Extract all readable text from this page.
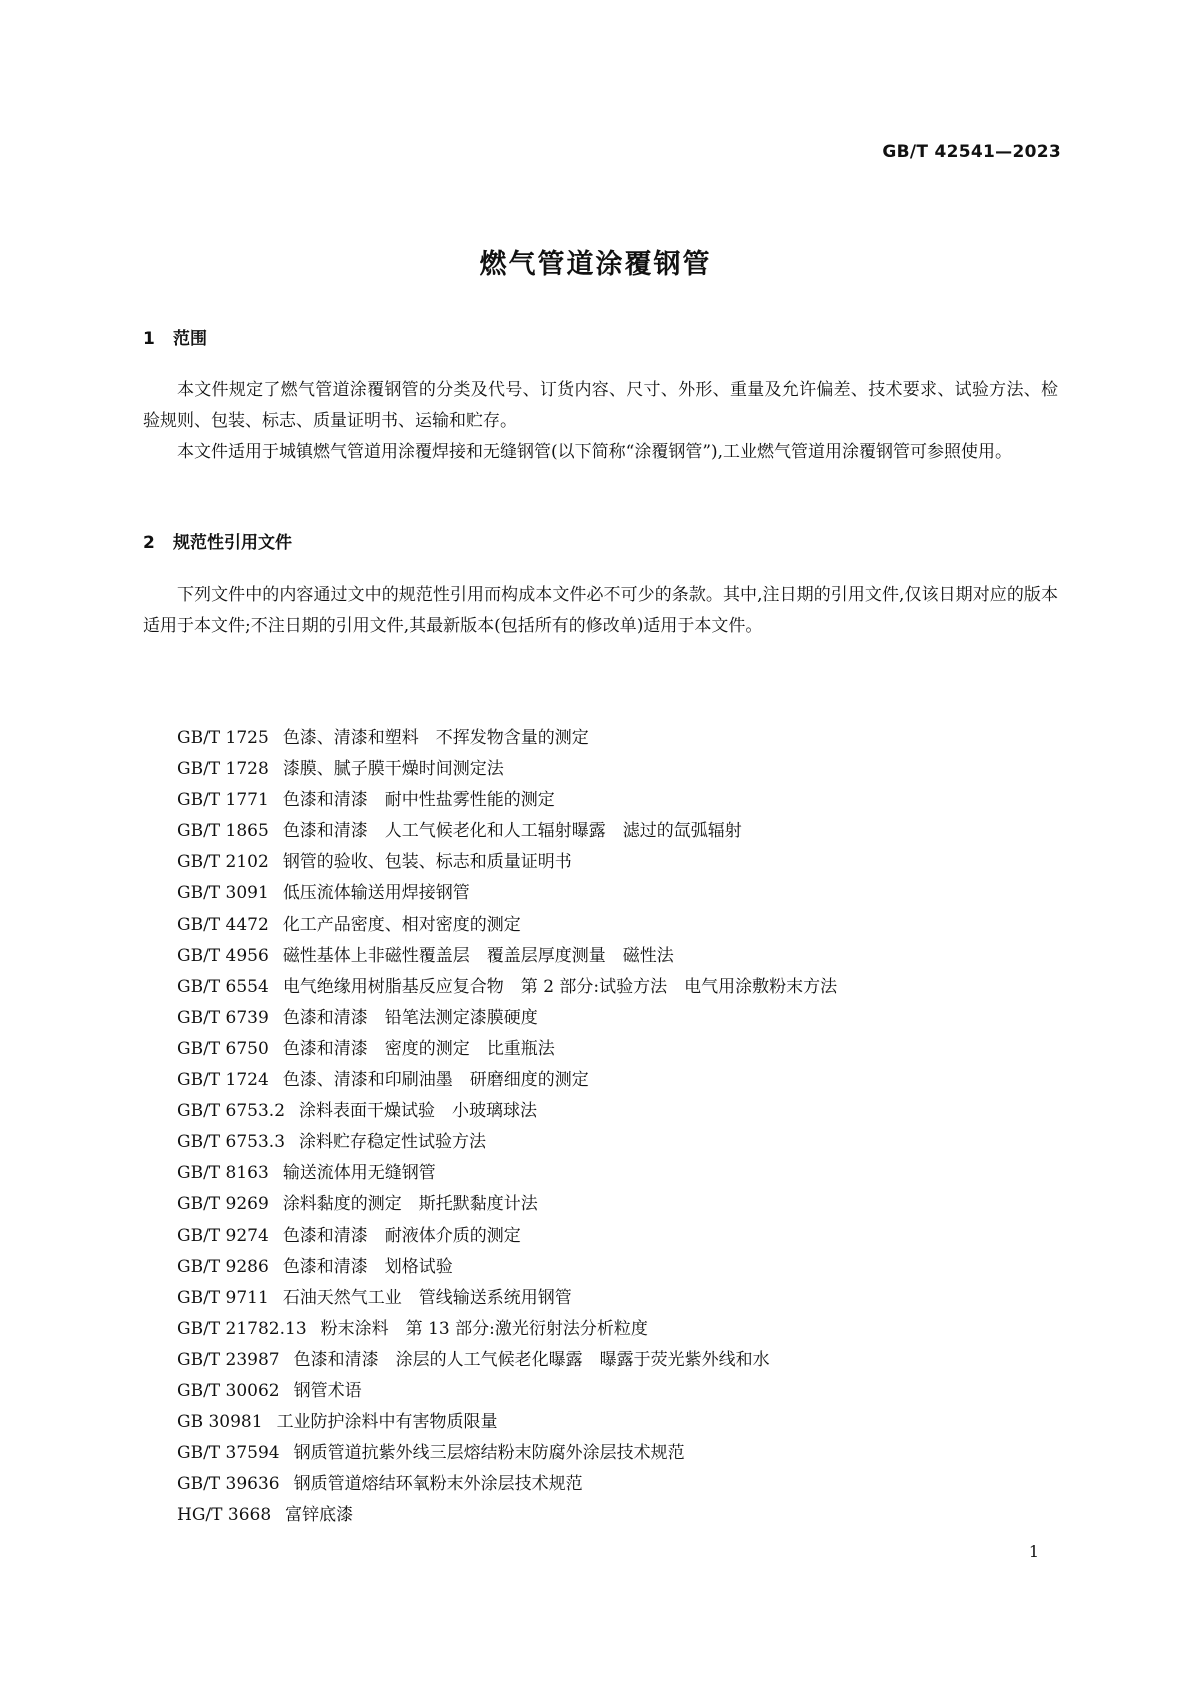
GB/T 42541—2023
燃气管道涂覆钢管
1 范围

本文件规定了燃气管道涂覆钢管的分类及代号、订货内容、尺寸、外形、重量及允许偏差、技术要求、试验方法、检验规则、包装、标志、质量证明书、运输和贮存。

本文件适用于城镇燃气管道用涂覆焊接和无缝钢管(以下简称“涂覆钢管”),工业燃气管道用涂覆钢管可参照使用。

2 规范性引用文件

下列文件中的内容通过文中的规范性引用而构成本文件必不可少的条款。其中,注日期的引用文件,仅该日期对应的版本适用于本文件;不注日期的引用文件,其最新版本(包括所有的修改单)适用于本文件。

GB/T 1725 色漆、清漆和塑料　不挥发物含量的测定
GB/T 1728 漆膜、腻子膜干燥时间测定法
GB/T 1771 色漆和清漆　耐中性盐雾性能的测定
GB/T 1865 色漆和清漆　人工气候老化和人工辐射曝露　滤过的氙弧辐射
GB/T 2102 钢管的验收、包装、标志和质量证明书
GB/T 3091 低压流体输送用焊接钢管
GB/T 4472 化工产品密度、相对密度的测定
GB/T 4956 磁性基体上非磁性覆盖层　覆盖层厚度测量　磁性法
GB/T 6554 电气绝缘用树脂基反应复合物　第 2 部分:试验方法　电气用涂敷粉末方法
GB/T 6739 色漆和清漆　铅笔法测定漆膜硬度
GB/T 6750 色漆和清漆　密度的测定　比重瓶法
GB/T 1724 色漆、清漆和印刷油墨　研磨细度的测定
GB/T 6753.2 涂料表面干燥试验　小玻璃球法
GB/T 6753.3 涂料贮存稳定性试验方法
GB/T 8163 输送流体用无缝钢管
GB/T 9269 涂料黏度的测定　斯托默黏度计法
GB/T 9274 色漆和清漆　耐液体介质的测定
GB/T 9286 色漆和清漆　划格试验
GB/T 9711 石油天然气工业　管线输送系统用钢管
GB/T 21782.13 粉末涂料　第 13 部分:激光衍射法分析粒度
GB/T 23987 色漆和清漆　涂层的人工气候老化曝露　曝露于荧光紫外线和水
GB/T 30062 钢管术语
GB 30981 工业防护涂料中有害物质限量
GB/T 37594 钢质管道抗紫外线三层熔结粉末防腐外涂层技术规范
GB/T 39636 钢质管道熔结环氧粉末外涂层技术规范
HG/T 3668 富锌底漆
1
